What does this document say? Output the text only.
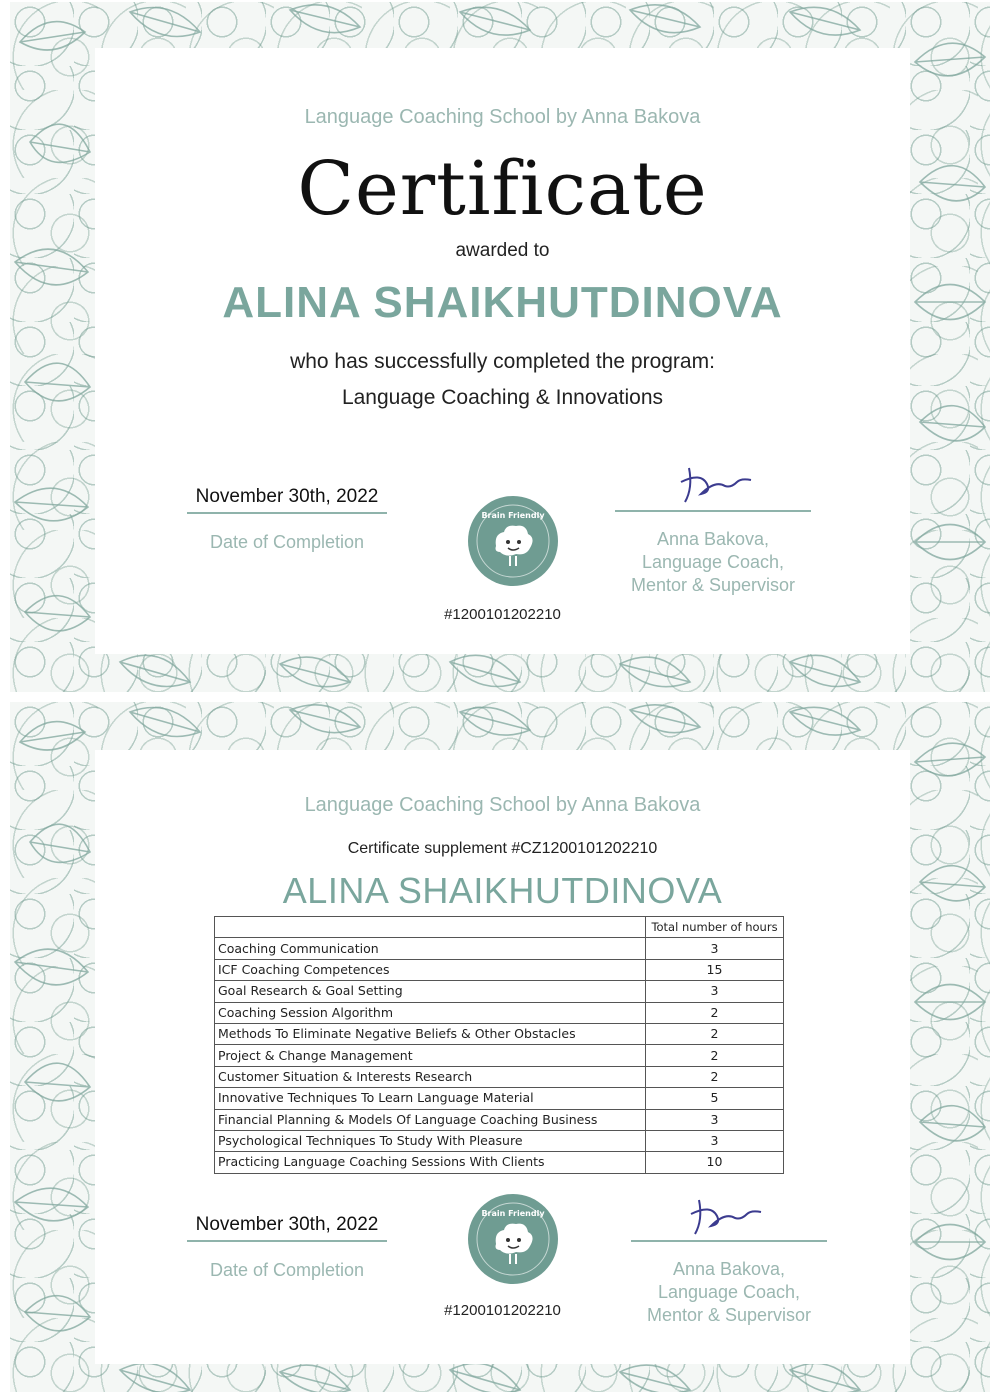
Language Coaching School by Anna Bakova
Certificate
awarded to
ALINA SHAIKHUTDINOVA
who has successfully completed the program:
Language Coaching & Innovations
November 30th, 2022
Date of Completion
Brain Friendly
#1200101202210
Anna Bakova,
Language Coach,
Mentor & Supervisor
Language Coaching School by Anna Bakova
Certificate supplement #CZ1200101202210
ALINA SHAIKHUTDINOVA
	Total number of hours
Coaching Communication	3
ICF Coaching Competences	15
Goal Research & Goal Setting	3
Coaching Session Algorithm	2
Methods To Eliminate Negative Beliefs & Other Obstacles	2
Project & Change Management	2
Customer Situation & Interests Research	2
Innovative Techniques To Learn Language Material	5
Financial Planning & Models Of Language Coaching Business	3
Psychological Techniques To Study With Pleasure	3
Practicing Language Coaching Sessions With Clients	10
November 30th, 2022
Date of Completion
Brain Friendly
#1200101202210
Anna Bakova,
Language Coach,
Mentor & Supervisor
